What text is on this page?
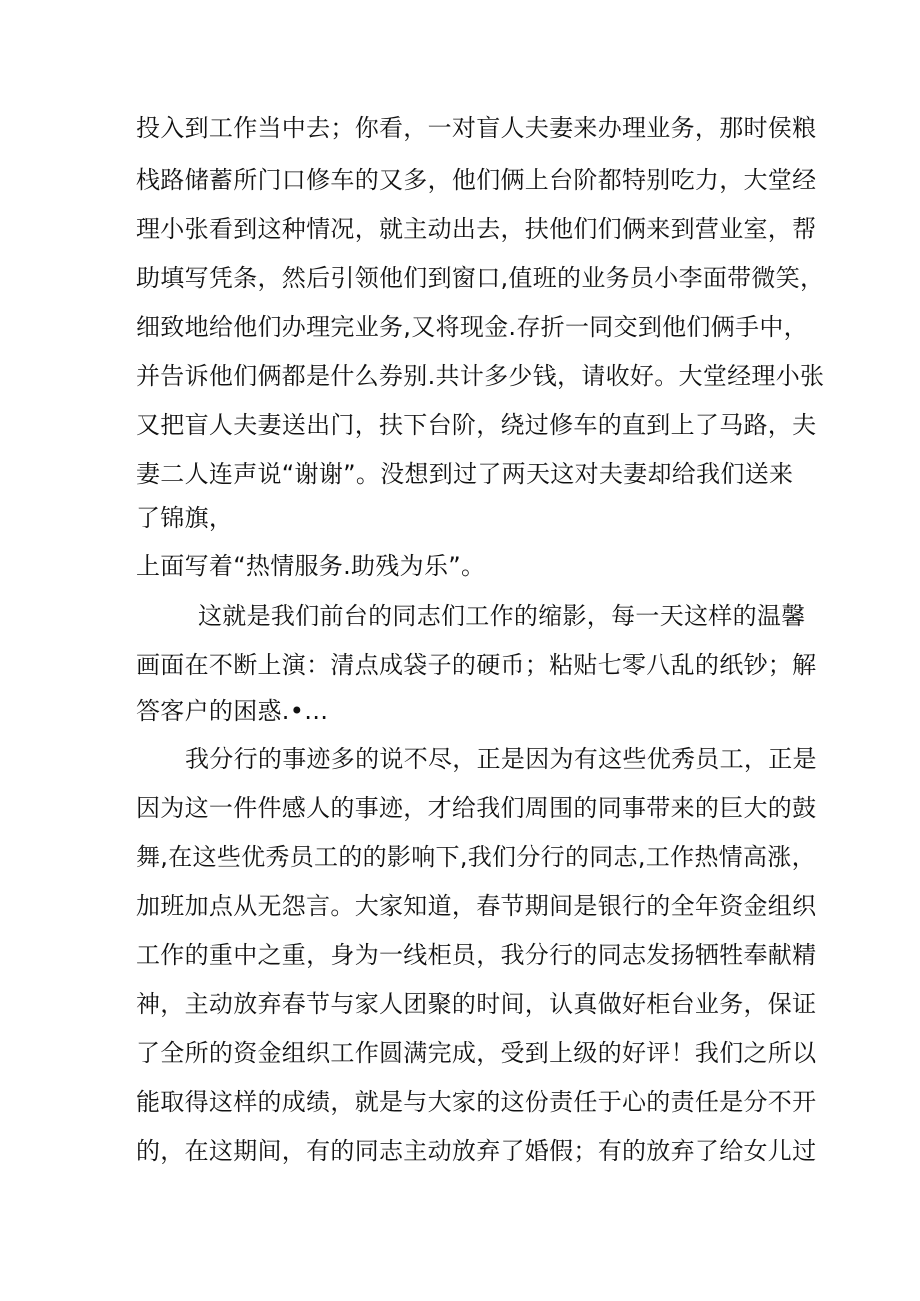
投入到工作当中去；你看，一对盲人夫妻来办理业务，那时侯粮
栈路储蓄所门口修车的又多，他们俩上台阶都特别吃力，大堂经
理小张看到这种情况，就主动出去，扶他们们俩来到营业室，帮
助填写凭条，然后引领他们到窗口,值班的业务员小李面带微笑，
细致地给他们办理完业务,又将现金.存折一同交到他们俩手中，
并告诉他们俩都是什么券别.共计多少钱，请收好。大堂经理小张
又把盲人夫妻送出门，扶下台阶，绕过修车的直到上了马路，夫
妻二人连声说“谢谢”。没想到过了两天这对夫妻却给我们送来
了锦旗，
上面写着“热情服务.助残为乐”。
这就是我们前台的同志们工作的缩影，每一天这样的温馨
画面在不断上演：清点成袋子的硬币；粘贴七零八乱的纸钞；解
答客户的困惑.•…
我分行的事迹多的说不尽，正是因为有这些优秀员工，正是
因为这一件件感人的事迹，才给我们周围的同事带来的巨大的鼓
舞,在这些优秀员工的的影响下,我们分行的同志,工作热情高涨，
加班加点从无怨言。大家知道，春节期间是银行的全年资金组织
工作的重中之重，身为一线柜员，我分行的同志发扬牺牲奉献精
神，主动放弃春节与家人团聚的时间，认真做好柜台业务，保证
了全所的资金组织工作圆满完成，受到上级的好评！我们之所以
能取得这样的成绩，就是与大家的这份责任于心的责任是分不开
的，在这期间，有的同志主动放弃了婚假；有的放弃了给女儿过
